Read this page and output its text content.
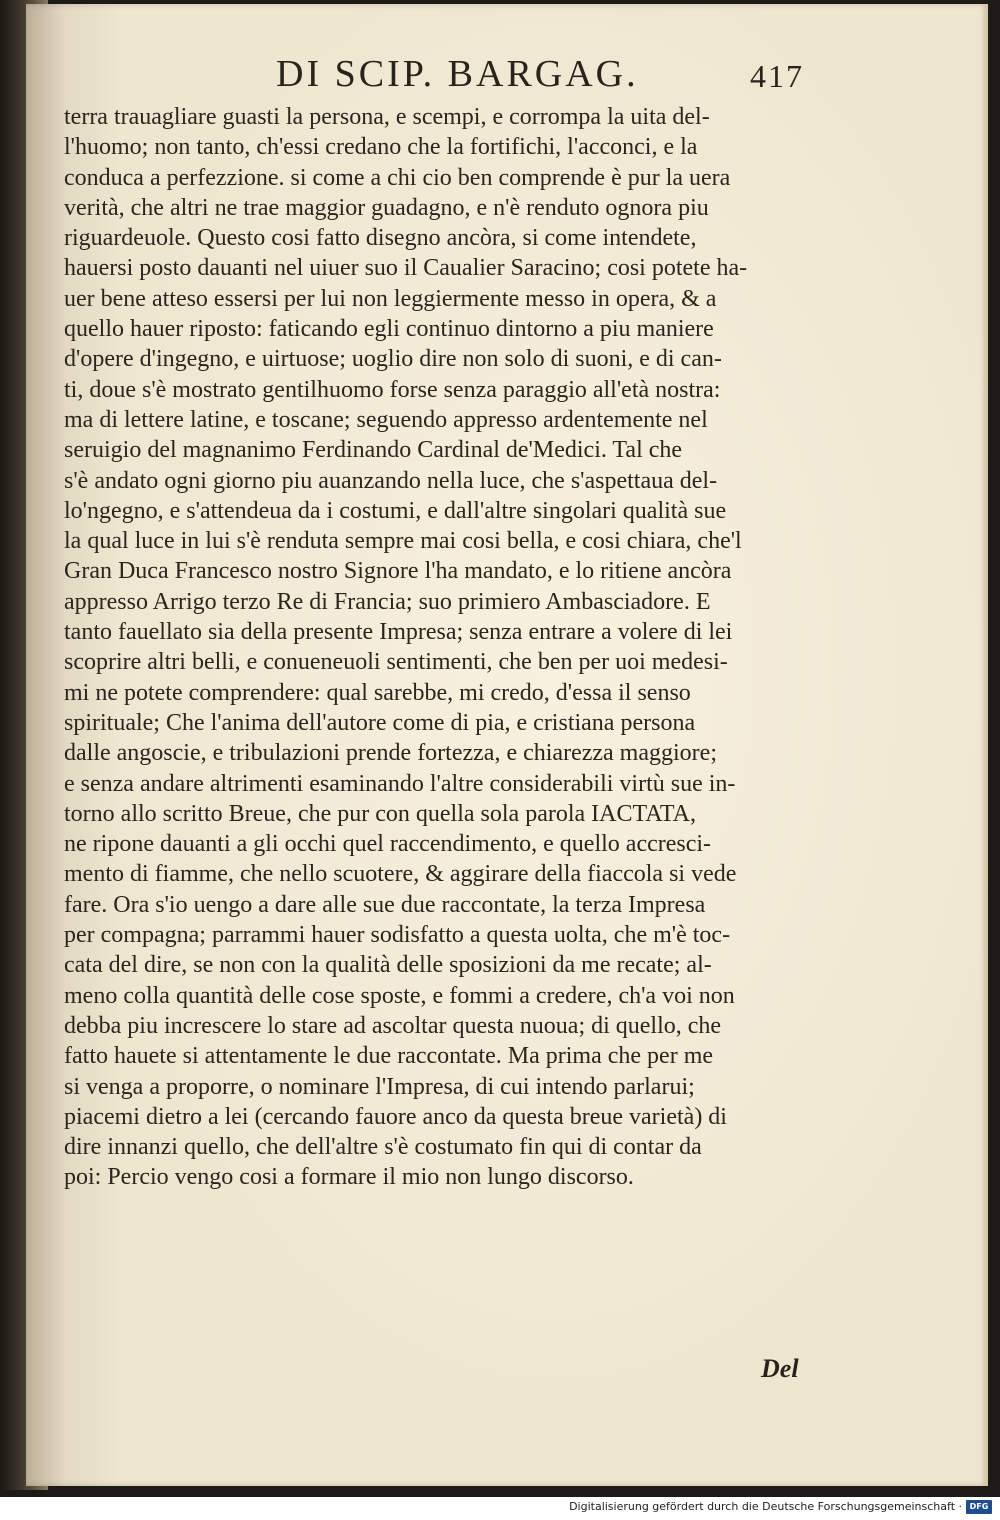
DI SCIP. BARGAG.	417
terra trauagliare guasti la persona, e scempi, e corrompa la uita del-
l'huomo; non tanto, ch'essi credano che la fortifichi, l'acconci, e la
conduca a perfezzione. si come a chi cio ben comprende è pur la uera
verità, che altri ne trae maggior guadagno, e n'è renduto ognora piu
riguardeuole. Questo cosi fatto disegno ancòra, si come intendete,
hauersi posto dauanti nel uiuer suo il Caualier Saracino; cosi potete ha-
uer bene atteso essersi per lui non leggiermente messo in opera, & a
quello hauer riposto: faticando egli continuo dintorno a piu maniere
d'opere d'ingegno, e uirtuose; uoglio dire non solo di suoni, e di can-
ti, doue s'è mostrato gentilhuomo forse senza paraggio all'età nostra:
ma di lettere latine, e toscane; seguendo appresso ardentemente nel
seruigio del magnanimo Ferdinando Cardinal de'Medici. Tal che
s'è andato ogni giorno piu auanzando nella luce, che s'aspettaua del-
lo'ngegno, e s'attendeua da i costumi, e dall'altre singolari qualità sue
la qual luce in lui s'è renduta sempre mai cosi bella, e cosi chiara, che'l
Gran Duca Francesco nostro Signore l'ha mandato, e lo ritiene ancòra
appresso Arrigo terzo Re di Francia; suo primiero Ambasciadore. E
tanto fauellato sia della presente Impresa; senza entrare a volere di lei
scoprire altri belli, e conueneuoli sentimenti, che ben per uoi medesi-
mi ne potete comprendere: qual sarebbe, mi credo, d'essa il senso
spirituale; Che l'anima dell'autore come di pia, e cristiana persona
dalle angoscie, e tribulazioni prende fortezza, e chiarezza maggiore;
e senza andare altrimenti esaminando l'altre considerabili virtù sue in-
torno allo scritto Breue, che pur con quella sola parola IACTATA,
ne ripone dauanti a gli occhi quel raccendimento, e quello accresci-
mento di fiamme, che nello scuotere, & aggirare della fiaccola si vede
fare. Ora s'io uengo a dare alle sue due raccontate, la terza Impresa
per compagna; parrammi hauer sodisfatto a questa uolta, che m'è toc-
cata del dire, se non con la qualità delle sposizioni da me recate; al-
meno colla quantità delle cose sposte, e fommi a credere, ch'a voi non
debba piu increscere lo stare ad ascoltar questa nuoua; di quello, che
fatto hauete si attentamente le due raccontate. Ma prima che per me
si venga a proporre, o nominare l'Impresa, di cui intendo parlarui;
piacemi dietro a lei (cercando fauore anco da questa breue varietà) di
dire innanzi quello, che dell'altre s'è costumato fin qui di contar da
poi: Percio vengo cosi a formare il mio non lungo discorso.
Del
Digitalisierung gefördert durch die Deutsche Forschungsgemeinschaft · DFG
